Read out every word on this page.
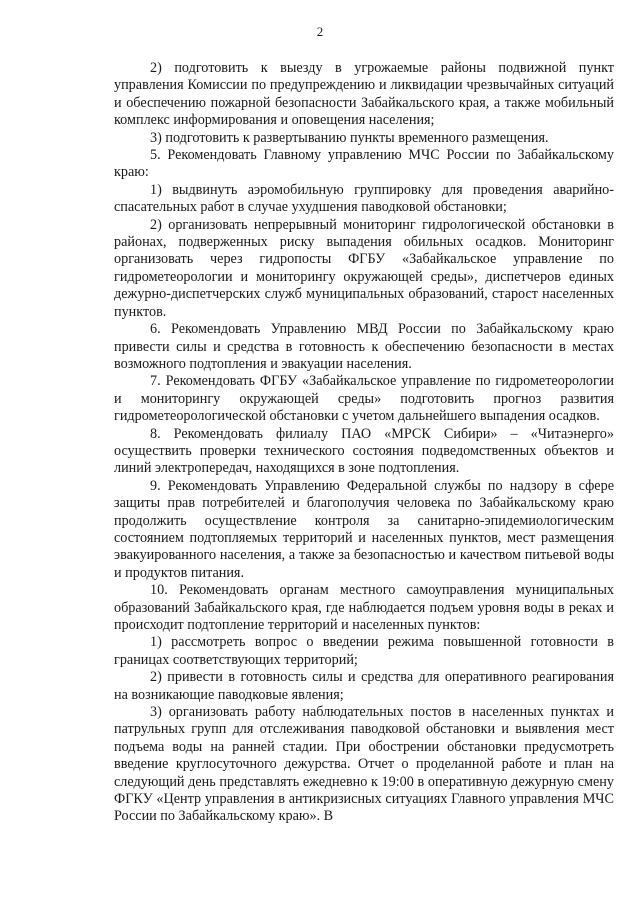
2

2) подготовить к выезду в угрожаемые районы подвижной пункт управления Комиссии по предупреждению и ликвидации чрезвычайных ситуаций и обеспечению пожарной безопасности Забайкальского края, а также мобильный комплекс информирования и оповещения населения;

3) подготовить к развертыванию пункты временного размещения.

5. Рекомендовать Главному управлению МЧС России по Забайкальскому краю:

1) выдвинуть аэромобильную группировку для проведения аварийно-спасательных работ в случае ухудшения паводковой обстановки;

2) организовать непрерывный мониторинг гидрологической обстановки в районах, подверженных риску выпадения обильных осадков. Мониторинг организовать через гидропосты ФГБУ «Забайкальское управление по гидрометеорологии и мониторингу окружающей среды», диспетчеров единых дежурно-диспетчерских служб муниципальных образований, старост населенных пунктов.

6. Рекомендовать Управлению МВД России по Забайкальскому краю привести силы и средства в готовность к обеспечению безопасности в местах возможного подтопления и эвакуации населения.

7. Рекомендовать ФГБУ «Забайкальское управление по гидрометеорологии и мониторингу окружающей среды» подготовить прогноз развития гидрометеорологической обстановки с учетом дальнейшего выпадения осадков.

8. Рекомендовать филиалу ПАО «МРСК Сибири» – «Читаэнерго» осуществить проверки технического состояния подведомственных объектов и линий электропередач, находящихся в зоне подтопления.

9. Рекомендовать Управлению Федеральной службы по надзору в сфере защиты прав потребителей и благополучия человека по Забайкальскому краю продолжить осуществление контроля за санитарно-эпидемиологическим состоянием подтопляемых территорий и населенных пунктов, мест размещения эвакуированного населения, а также за безопасностью и качеством питьевой воды и продуктов питания.

10. Рекомендовать органам местного самоуправления муниципальных образований Забайкальского края, где наблюдается подъем уровня воды в реках и происходит подтопление территорий и населенных пунктов:

1) рассмотреть вопрос о введении режима повышенной готовности в границах соответствующих территорий;

2) привести в готовность силы и средства для оперативного реагирования на возникающие паводковые явления;

3) организовать работу наблюдательных постов в населенных пунктах и патрульных групп для отслеживания паводковой обстановки и выявления мест подъема воды на ранней стадии. При обострении обстановки предусмотреть введение круглосуточного дежурства. Отчет о проделанной работе и план на следующий день представлять ежедневно к 19:00 в оперативную дежурную смену ФГКУ «Центр управления в антикризисных ситуациях Главного управления МЧС России по Забайкальскому краю». В
